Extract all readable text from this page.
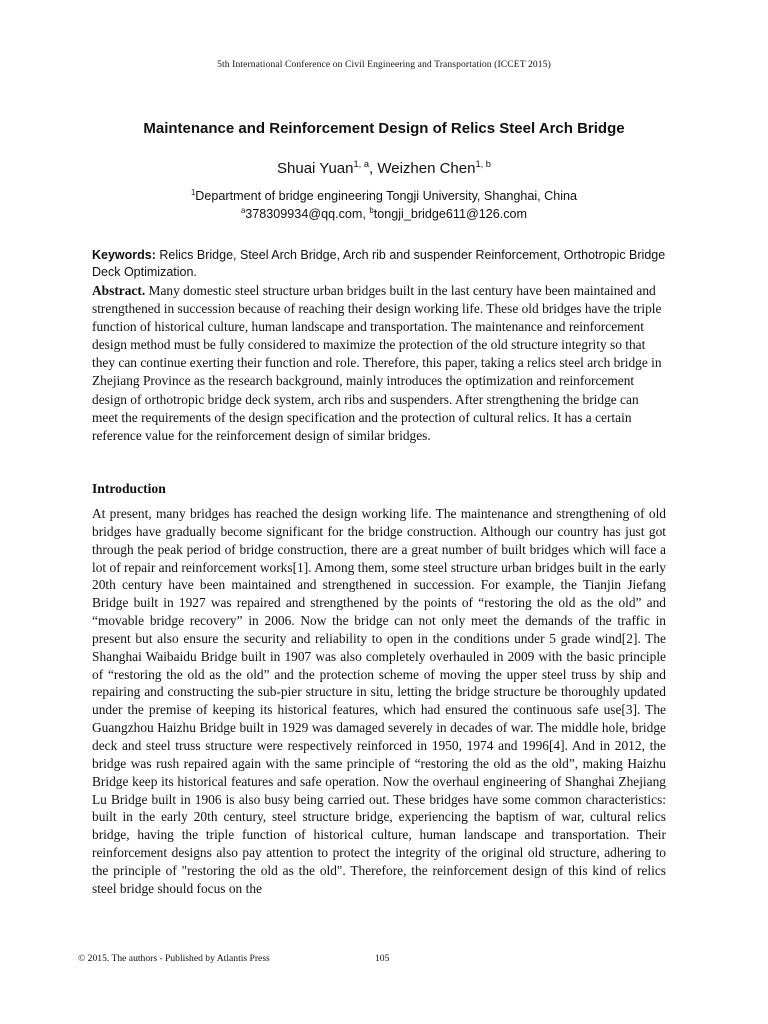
5th International Conference on Civil Engineering and Transportation (ICCET 2015)
Maintenance and Reinforcement Design of Relics Steel Arch Bridge
Shuai Yuan$^{1, a}$, Weizhen Chen$^{1, b}$
$^1$Department of bridge engineering Tongji University, Shanghai, China
$^a$378309934@qq.com, $^b$tongji_bridge611@126.com
Keywords: Relics Bridge, Steel Arch Bridge, Arch rib and suspender Reinforcement, Orthotropic Bridge Deck Optimization.
Abstract. Many domestic steel structure urban bridges built in the last century have been maintained and strengthened in succession because of reaching their design working life. These old bridges have the triple function of historical culture, human landscape and transportation. The maintenance and reinforcement design method must be fully considered to maximize the protection of the old structure integrity so that they can continue exerting their function and role. Therefore, this paper, taking a relics steel arch bridge in Zhejiang Province as the research background, mainly introduces the optimization and reinforcement design of orthotropic bridge deck system, arch ribs and suspenders. After strengthening the bridge can meet the requirements of the design specification and the protection of cultural relics. It has a certain reference value for the reinforcement design of similar bridges.
Introduction
At present, many bridges has reached the design working life. The maintenance and strengthening of old bridges have gradually become significant for the bridge construction. Although our country has just got through the peak period of bridge construction, there are a great number of built bridges which will face a lot of repair and reinforcement works[1]. Among them, some steel structure urban bridges built in the early 20th century have been maintained and strengthened in succession. For example, the Tianjin Jiefang Bridge built in 1927 was repaired and strengthened by the points of “restoring the old as the old” and “movable bridge recovery” in 2006. Now the bridge can not only meet the demands of the traffic in present but also ensure the security and reliability to open in the conditions under 5 grade wind[2]. The Shanghai Waibaidu Bridge built in 1907 was also completely overhauled in 2009 with the basic principle of “restoring the old as the old” and the protection scheme of moving the upper steel truss by ship and repairing and constructing the sub-pier structure in situ, letting the bridge structure be thoroughly updated under the premise of keeping its historical features, which had ensured the continuous safe use[3]. The Guangzhou Haizhu Bridge built in 1929 was damaged severely in decades of war. The middle hole, bridge deck and steel truss structure were respectively reinforced in 1950, 1974 and 1996[4]. And in 2012, the bridge was rush repaired again with the same principle of “restoring the old as the old”, making Haizhu Bridge keep its historical features and safe operation. Now the overhaul engineering of Shanghai Zhejiang Lu Bridge built in 1906 is also busy being carried out. These bridges have some common characteristics: built in the early 20th century, steel structure bridge, experiencing the baptism of war, cultural relics bridge, having the triple function of historical culture, human landscape and transportation. Their reinforcement designs also pay attention to protect the integrity of the original old structure, adhering to the principle of "restoring the old as the old". Therefore, the reinforcement design of this kind of relics steel bridge should focus on the
© 2015. The authors - Published by Atlantis Press	105
